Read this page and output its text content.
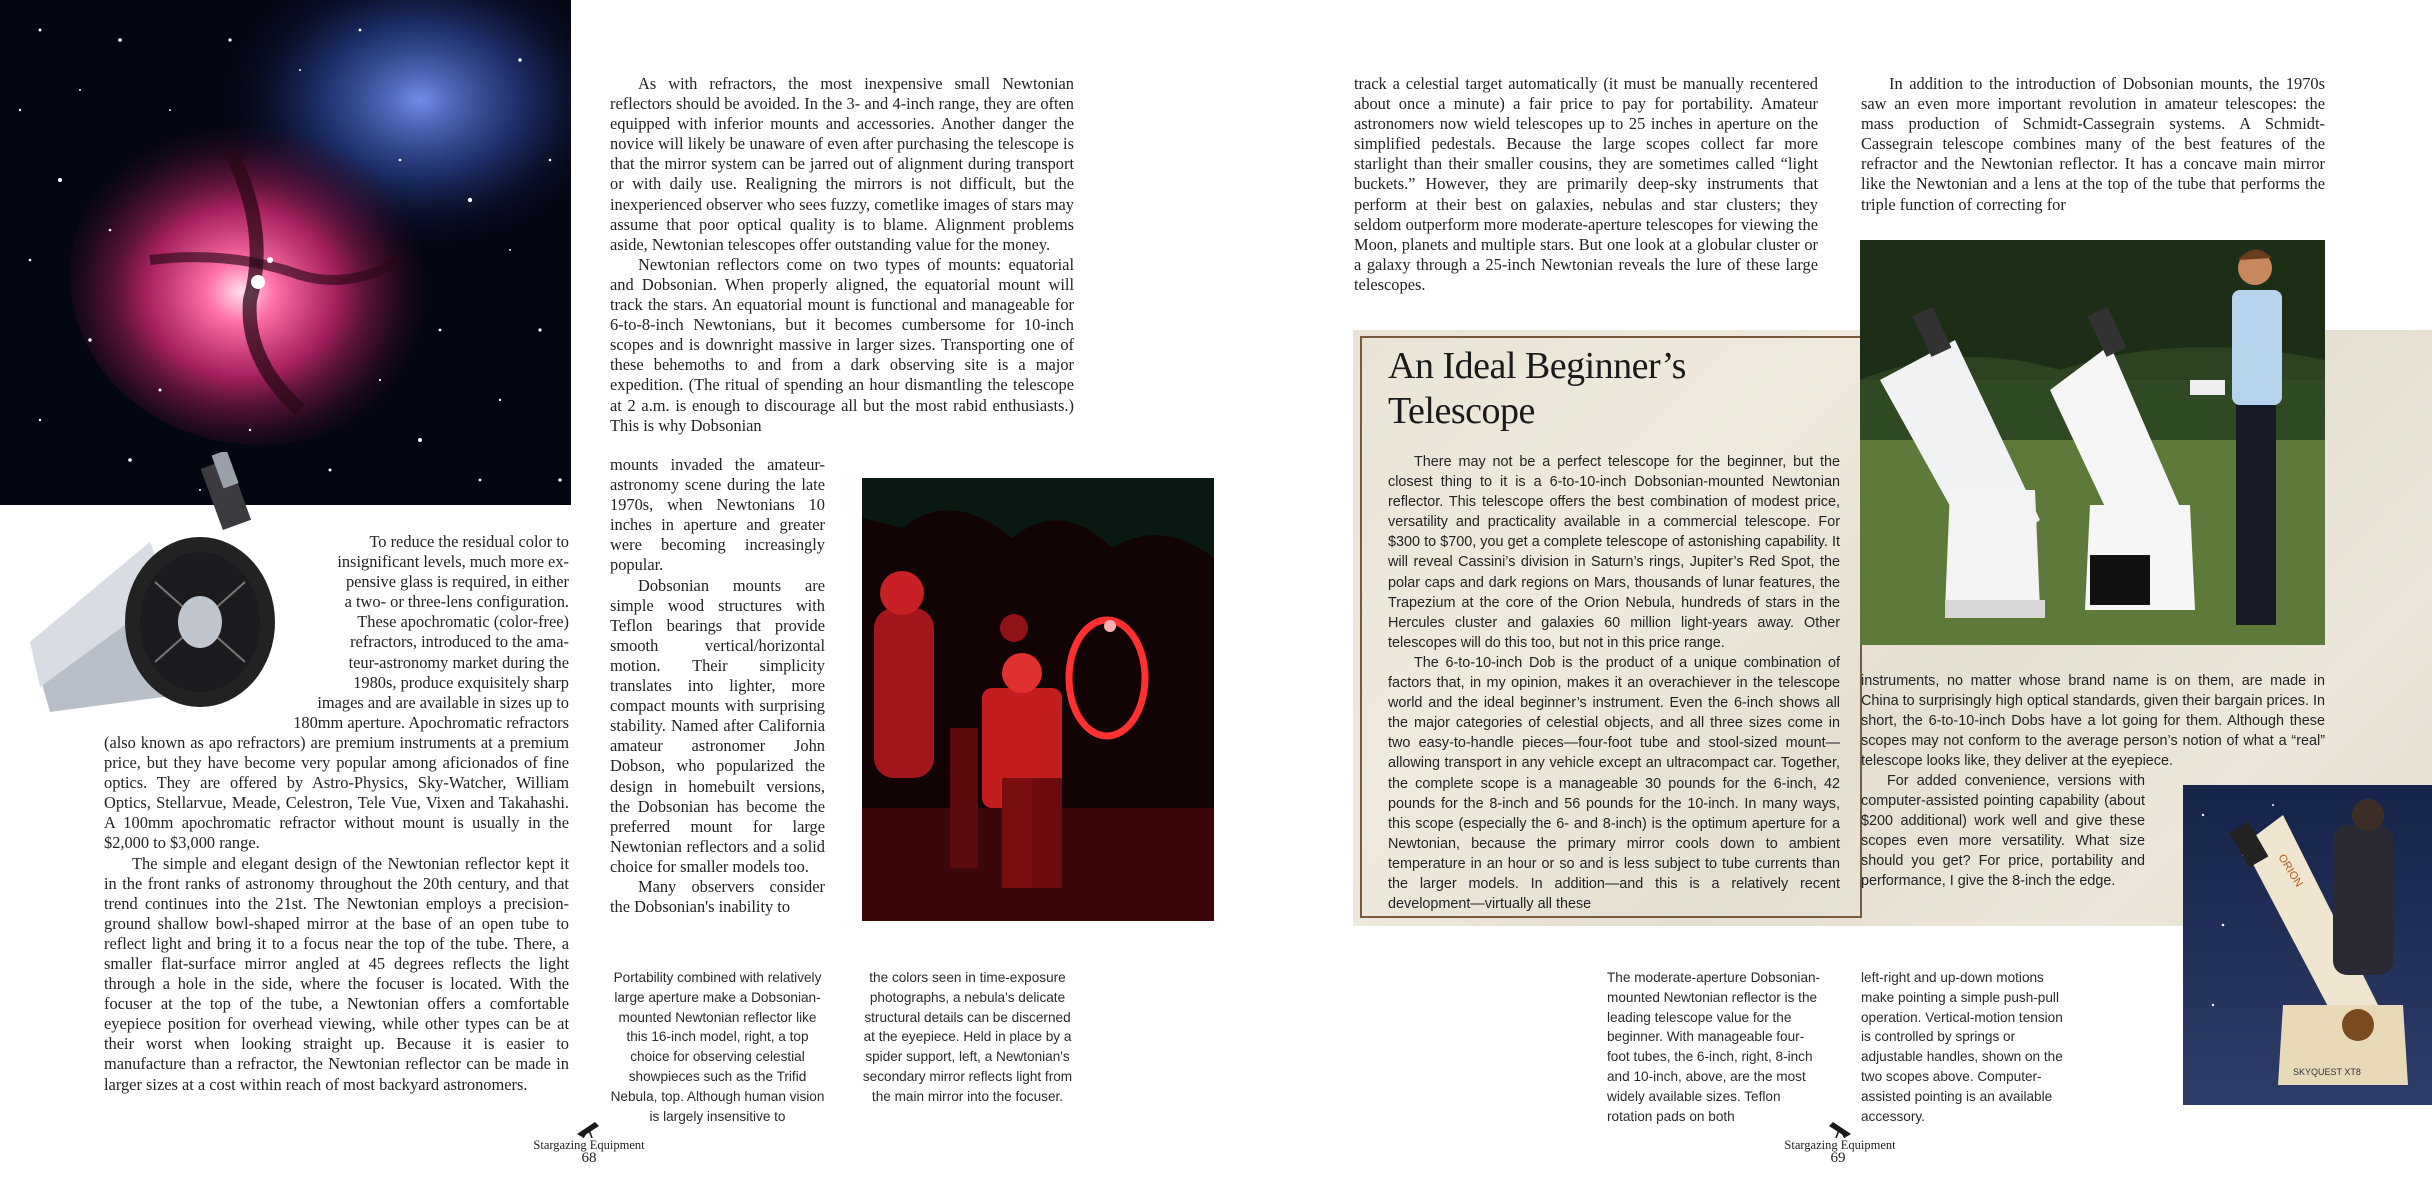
To reduce the residual color to
insignificant levels, much more ex-
pensive glass is required, in either
a two- or three-lens configuration.
These apochromatic (color-free)
refractors, introduced to the ama-
teur-astronomy market during the
1980s, produce exquisitely sharp
images and are available in sizes up to
180mm aperture. Apochromatic refractors

(also known as apo refractors) are premium instruments at a premium price, but they have become very popular among aficionados of fine optics. They are offered by Astro-Physics, Sky-Watcher, William Optics, Stellarvue, Meade, Celestron, Tele Vue, Vixen and Takahashi. A 100mm apochromatic refractor without mount is usually in the $2,000 to $3,000 range.

The simple and elegant design of the Newtonian reflector kept it in the front ranks of astronomy throughout the 20th century, and that trend continues into the 21st. The Newtonian employs a precision-ground shallow bowl-shaped mirror at the base of an open tube to reflect light and bring it to a focus near the top of the tube. There, a smaller flat-surface mirror angled at 45 degrees reflects the light through a hole in the side, where the focuser is located. With the focuser at the top of the tube, a Newtonian offers a comfortable eyepiece position for overhead viewing, while other types can be at their worst when looking straight up. Because it is easier to manufacture than a refractor, the Newtonian reflector can be made in larger sizes at a cost within reach of most backyard astronomers.

As with refractors, the most inexpensive small Newtonian reflectors should be avoided. In the 3- and 4-inch range, they are often equipped with inferior mounts and accessories. Another danger the novice will likely be unaware of even after purchasing the telescope is that the mirror system can be jarred out of alignment during transport or with daily use. Realigning the mirrors is not difficult, but the inexperienced observer who sees fuzzy, cometlike images of stars may assume that poor optical quality is to blame. Alignment problems aside, Newtonian telescopes offer outstanding value for the money.

Newtonian reflectors come on two types of mounts: equatorial and Dobsonian. When properly aligned, the equatorial mount will track the stars. An equatorial mount is functional and manageable for 6-to-8-inch Newtonians, but it becomes cumbersome for 10-inch scopes and is downright massive in larger sizes. Transporting one of these behemoths to and from a dark observing site is a major expedition. (The ritual of spending an hour dismantling the telescope at 2 a.m. is enough to discourage all but the most rabid enthusiasts.) This is why Dobsonian

mounts invaded the amateur-astronomy scene during the late 1970s, when Newtonians 10 inches in aperture and greater were becoming increasingly popular.

Dobsonian mounts are simple wood structures with Teflon bearings that provide smooth vertical/horizontal motion. Their simplicity translates into lighter, more compact mounts with surprising stability. Named after California amateur astronomer John Dobson, who popularized the design in homebuilt versions, the Dobsonian has become the preferred mount for large Newtonian reflectors and a solid choice for smaller models too.

Many observers consider the Dobsonian's inability to

Portability combined with relatively large aperture make a Dobsonian-mounted Newtonian reflector like this 16-inch model, right, a top choice for observing celestial showpieces such as the Trifid Nebula, top. Although human vision is largely insensitive to
the colors seen in time-exposure photographs, a nebula's delicate structural details can be discerned at the eyepiece. Held in place by a spider support, left, a Newtonian's secondary mirror reflects light from the main mirror into the focuser.
Stargazing Equipment
68

track a celestial target automatically (it must be manually recentered about once a minute) a fair price to pay for portability. Amateur astronomers now wield telescopes up to 25 inches in aperture on the simplified pedestals. Because the large scopes collect far more starlight than their smaller cousins, they are sometimes called “light buckets.” However, they are primarily deep-sky instruments that perform at their best on galaxies, nebulas and star clusters; they seldom outperform more moderate-aperture telescopes for viewing the Moon, planets and multiple stars. But one look at a globular cluster or a galaxy through a 25-inch Newtonian reveals the lure of these large telescopes.

In addition to the introduction of Dobsonian mounts, the 1970s saw an even more important revolution in amateur telescopes: the mass production of Schmidt-Cassegrain systems. A Schmidt-Cassegrain telescope combines many of the best features of the refractor and the Newtonian reflector. It has a concave main mirror like the Newtonian and a lens at the top of the tube that performs the triple function of correcting for

An Ideal Beginner’s
Telescope

There may not be a perfect telescope for the beginner, but the closest thing to it is a 6-to-10-inch Dobsonian-mounted Newtonian reflector. This telescope offers the best combination of modest price, versatility and practicality available in a commercial telescope. For $300 to $700, you get a complete telescope of astonishing capability. It will reveal Cassini’s division in Saturn’s rings, Jupiter’s Red Spot, the polar caps and dark regions on Mars, thousands of lunar features, the Trapezium at the core of the Orion Nebula, hundreds of stars in the Hercules cluster and galaxies 60 million light-years away. Other telescopes will do this too, but not in this price range.

The 6-to-10-inch Dob is the product of a unique combination of factors that, in my opinion, makes it an overachiever in the telescope world and the ideal beginner’s instrument. Even the 6-inch shows all the major categories of celestial objects, and all three sizes come in two easy-to-handle pieces—four-foot tube and stool-sized mount—allowing transport in any vehicle except an ultracompact car. Together, the complete scope is a manageable 30 pounds for the 6-inch, 42 pounds for the 8-inch and 56 pounds for the 10-inch. In many ways, this scope (especially the 6- and 8-inch) is the optimum aperture for a Newtonian, because the primary mirror cools down to ambient temperature in an hour or so and is less subject to tube currents than the larger models. In addition—and this is a relatively recent development—virtually all these

instruments, no matter whose brand name is on them, are made in China to surprisingly high optical standards, given their bargain prices. In short, the 6-to-10-inch Dobs have a lot going for them. Although these scopes may not conform to the average person’s notion of what a “real” telescope looks like, they deliver at the eyepiece.

For added convenience, versions with computer-assisted pointing capability (about $200 additional) work well and give these scopes even more versatility. What size should you get? For price, portability and performance, I give the 8-inch the edge.	ORION
SKYQUEST XT8
The moderate-aperture Dobsonian-mounted Newtonian reflector is the leading telescope value for the beginner. With manageable four-foot tubes, the 6-inch, right, 8-inch and 10-inch, above, are the most widely available sizes. Teflon rotation pads on both
left-right and up-down motions make pointing a simple push-pull operation. Vertical-motion tension is controlled by springs or adjustable handles, shown on the two scopes above. Computer-assisted pointing is an available accessory.
Stargazing Equipment
69
